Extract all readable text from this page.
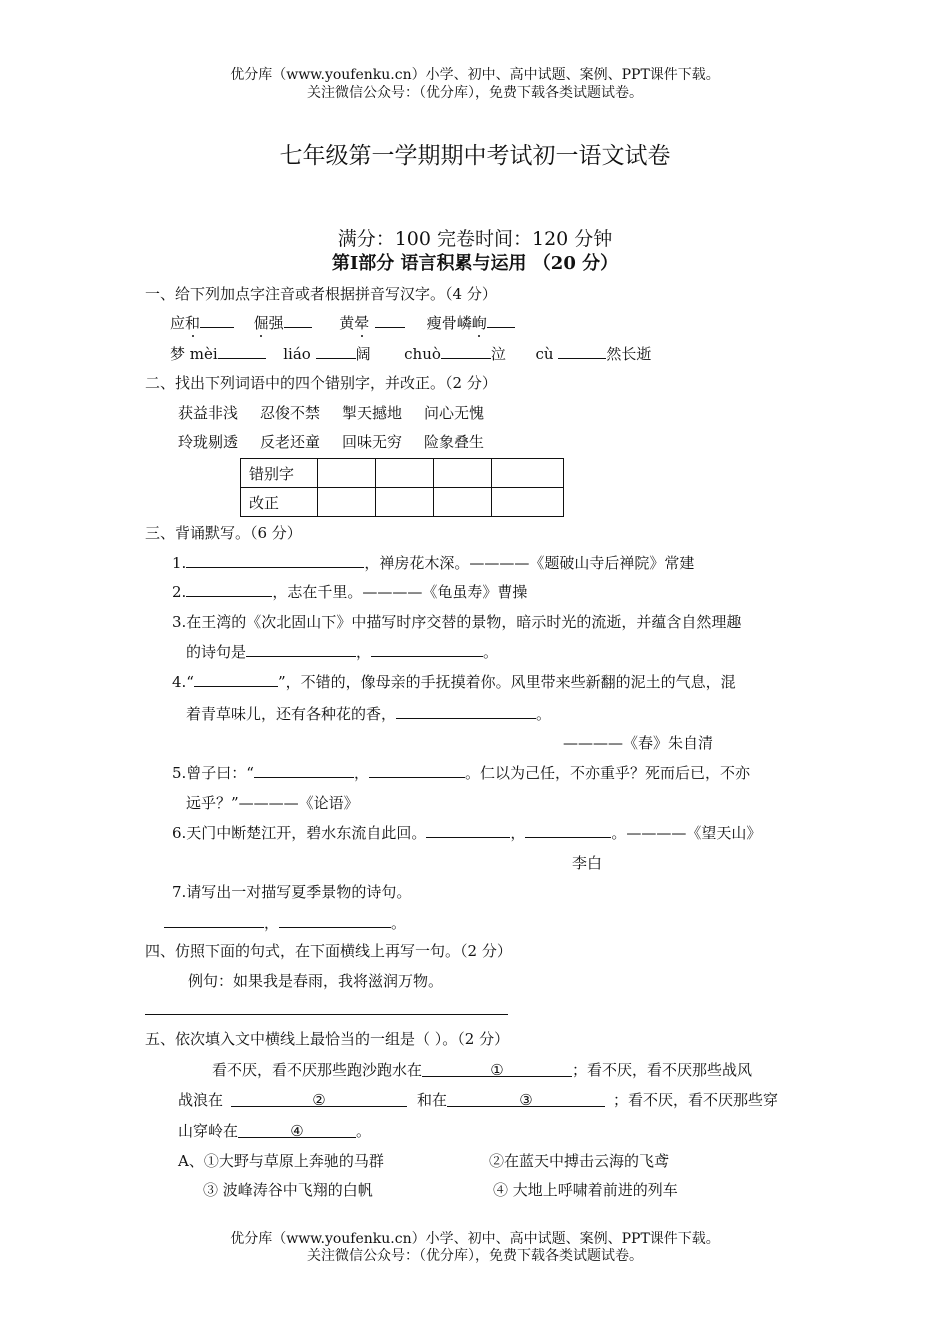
优分库（www.youfenku.cn）小学、初中、高中试题、案例、PPT课件下载。
关注微信公众号：（优分库），免费下载各类试题试卷。
七年级第一学期期中考试初一语文试卷
满分：100 完卷时间：120 分钟
第Ⅰ部分 语言积累与运用 （20 分）
一、给下列加点字注音或者根据拼音写汉字。（4 分）
应和	倔强	黄晕	瘦骨嶙峋
梦 mèi	liáo	阔 chuò	泣 cù	然长逝
二、找出下列词语中的四个错别字，并改正。（2 分）
获益非浅 忍俊不禁 掣天撼地 问心无愧
玲珑剔透 反老还童 回味无穷 险象叠生
错别字				
改正				
三、背诵默写。（6 分）
1.	，禅房花木深。————《题破山寺后禅院》常建
2.	，志在千里。————《龟虽寿》曹操
3.在王湾的《次北固山下》中描写时序交替的景物，暗示时光的流逝，并蕴含自然理趣
的诗句是	，	。
4.“	”，不错的，像母亲的手抚摸着你。风里带来些新翻的泥土的气息，混
着青草味儿，还有各种花的香，	。
————《春》朱自清
5.曾子曰：“	，	。仁以为己任，不亦重乎？死而后已，不亦
远乎？”————《论语》
6.天门中断楚江开，碧水东流自此回。	，	。————《望天山》
李白
7.请写出一对描写夏季景物的诗句。
，	。
四、仿照下面的句式，在下面横线上再写一句。（2 分）
例句：如果我是春雨，我将滋润万物。
五、依次填入文中横线上最恰当的一组是（ ）。（2 分）
看不厌，看不厌那些跑沙跑水在	①	；看不厌，看不厌那些战风
战浪在	②	和在	③	；看不厌，看不厌那些穿
山穿岭在	④	。
A、①大野与草原上奔驰的马群	②在蓝天中搏击云海的飞鸢
③ 波峰涛谷中飞翔的白帆	④ 大地上呼啸着前进的列车
优分库（www.youfenku.cn）小学、初中、高中试题、案例、PPT课件下载。
关注微信公众号：（优分库），免费下载各类试题试卷。
